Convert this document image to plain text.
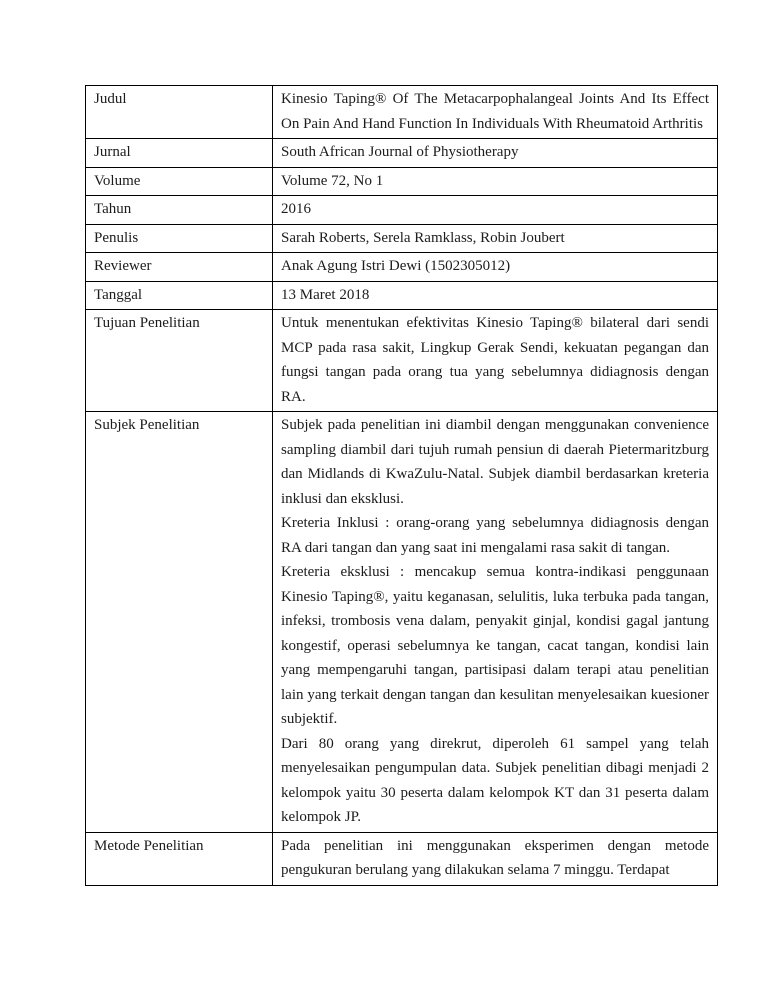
Judul	Kinesio Taping® Of The Metacarpophalangeal Joints And Its Effect On Pain And Hand Function In Individuals With Rheumatoid Arthritis

Jurnal	South African Journal of Physiotherapy

Volume	Volume 72, No 1

Tahun	2016

Penulis	Sarah Roberts, Serela Ramklass, Robin Joubert

Reviewer	Anak Agung Istri Dewi (1502305012)

Tanggal	13 Maret 2018

Tujuan Penelitian	Untuk menentukan efektivitas Kinesio Taping® bilateral dari sendi MCP pada rasa sakit, Lingkup Gerak Sendi, kekuatan pegangan dan fungsi tangan pada orang tua yang sebelumnya didiagnosis dengan RA.

Subjek Penelitian	Subjek pada penelitian ini diambil dengan menggunakan convenience sampling diambil dari tujuh rumah pensiun di daerah Pietermaritzburg dan Midlands di KwaZulu-Natal. Subjek diambil berdasarkan kreteria inklusi dan eksklusi.

Kreteria Inklusi : orang-orang yang sebelumnya didiagnosis dengan RA dari tangan dan yang saat ini mengalami rasa sakit di tangan.

Kreteria eksklusi : mencakup semua kontra-indikasi penggunaan Kinesio Taping®, yaitu keganasan, selulitis, luka terbuka pada tangan, infeksi, trombosis vena dalam, penyakit ginjal, kondisi gagal jantung kongestif, operasi sebelumnya ke tangan, cacat tangan, kondisi lain yang mempengaruhi tangan, partisipasi dalam terapi atau penelitian lain yang terkait dengan tangan dan kesulitan menyelesaikan kuesioner subjektif.

Dari 80 orang yang direkrut, diperoleh 61 sampel yang telah menyelesaikan pengumpulan data. Subjek penelitian dibagi menjadi 2 kelompok yaitu 30 peserta dalam kelompok KT dan 31 peserta dalam kelompok JP.

Metode Penelitian	Pada penelitian ini menggunakan eksperimen dengan metode pengukuran berulang yang dilakukan selama 7 minggu. Terdapat
